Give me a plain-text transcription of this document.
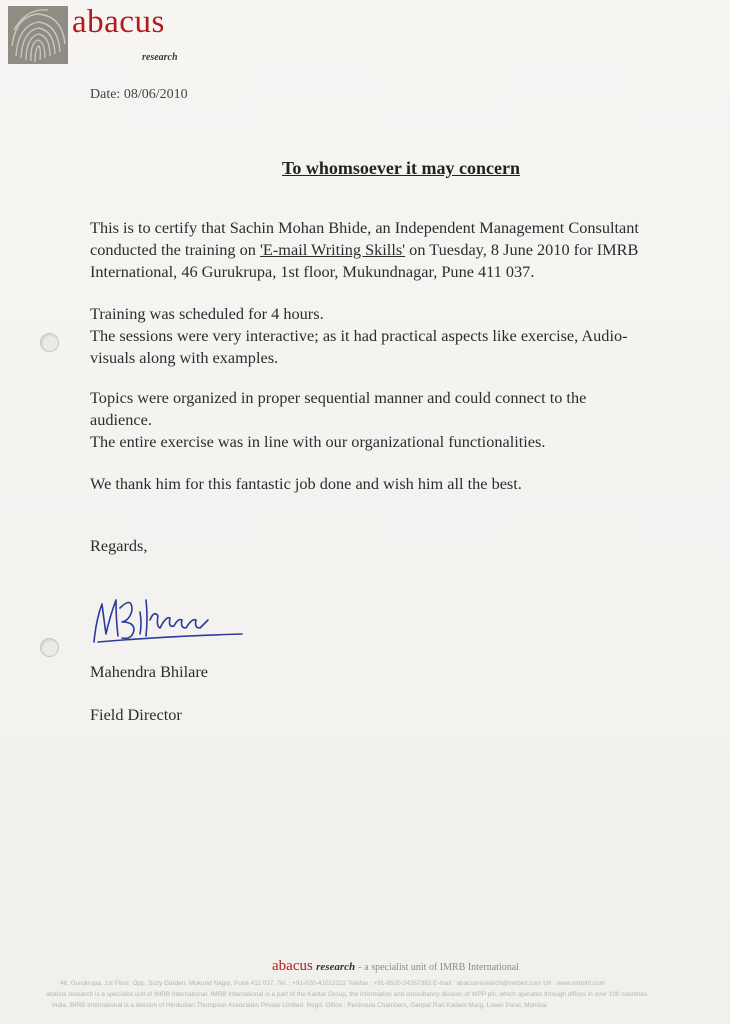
abacus
research
Date: 08/06/2010
To whomsoever it may concern
This is to certify that Sachin Mohan Bhide, an Independent Management Consultant
conducted the training on 'E-mail Writing Skills' on Tuesday, 8 June 2010 for IMRB
International, 46 Gurukrupa, 1st floor, Mukundnagar, Pune 411 037.
Training was scheduled for 4 hours.
The sessions were very interactive; as it had practical aspects like exercise, Audio-
visuals along with examples.
Topics were organized in proper sequential manner and could connect to the
audience.
The entire exercise was in line with our organizational functionalities.
We thank him for this fantastic job done and wish him all the best.
Regards,
Mahendra Bhilare
Field Director
abacus research - a specialist unit of IMRB International
46, Gurukrupa, 1st Floor, Opp. Suzy Garden, Mukund Nagar, Pune 411 037. Tel. : +91-020-41022222 Telefax : +91-9520-24267392 E-mail : abacusresearch@imrbint.com Url : www.imrbint.com
abacus research is a specialist unit of IMRB International. IMRB International is a part of the Kantar Group, the information and consultancy division of WPP plc, which operates through offices in over 100 countries.
India. IMRB International is a division of Hindustan Thompson Associates Private Limited. Regd. Office : Peninsula Chambers, Ganpat Rao Kadam Marg, Lower Parel, Mumbai
